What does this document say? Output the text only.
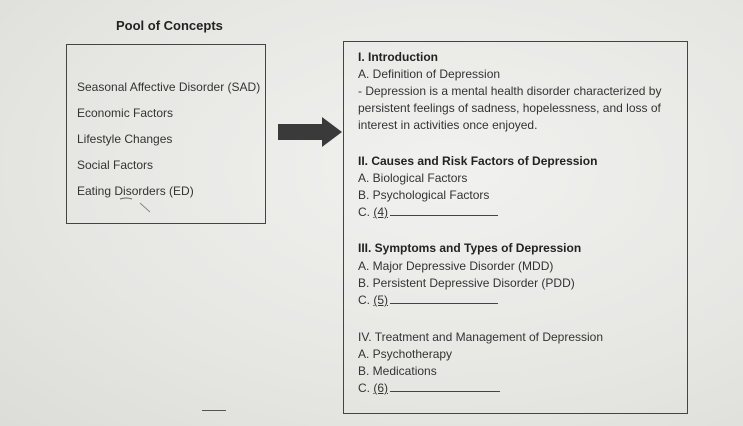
Pool of Concepts
Seasonal Affective Disorder (SAD)
Economic Factors
Lifestyle Changes
Social Factors
Eating Disorders (ED)
I. Introduction
A. Definition of Depression
- Depression is a mental health disorder characterized by
persistent feelings of sadness, hopelessness, and loss of
interest in activities once enjoyed.
II. Causes and Risk Factors of Depression
A. Biological Factors
B. Psychological Factors
C. (4)
III. Symptoms and Types of Depression
A. Major Depressive Disorder (MDD)
B. Persistent Depressive Disorder (PDD)
C. (5)
IV. Treatment and Management of Depression
A. Psychotherapy
B. Medications
C. (6)
